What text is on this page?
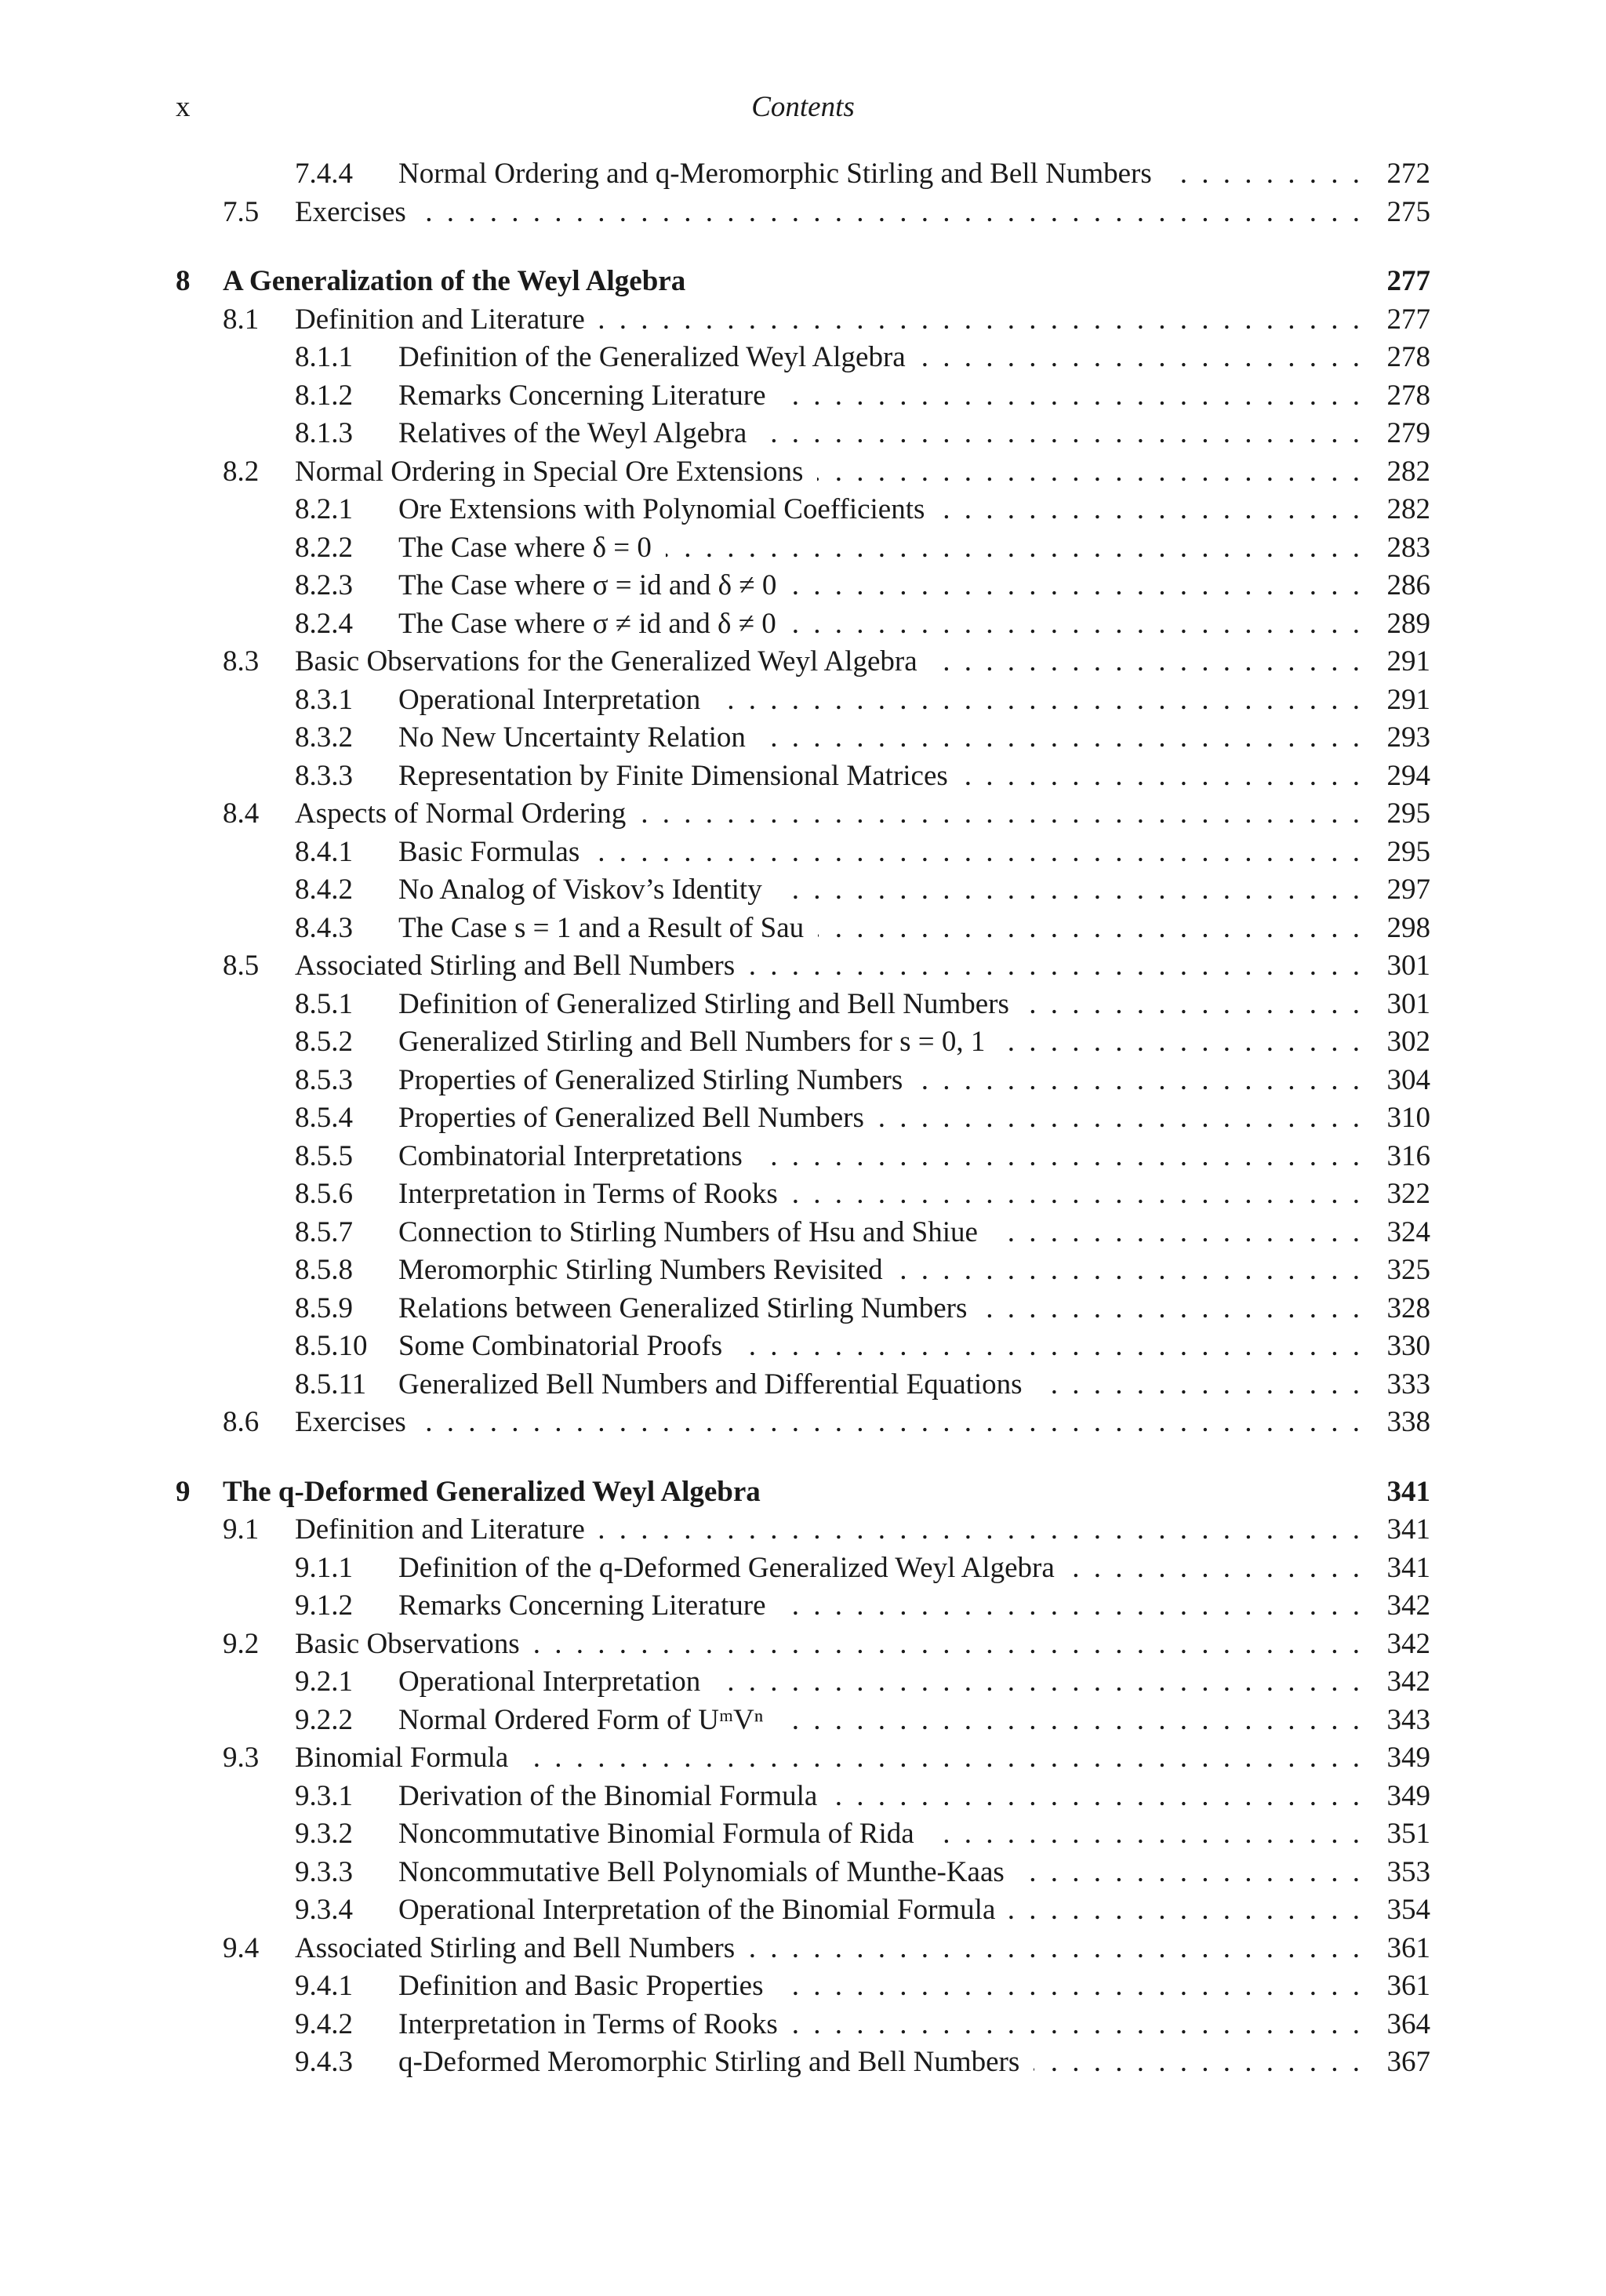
x	Contents
7.4.4 Normal Ordering and q-Meromorphic Stirling and Bell Numbers	272
. . .
7.5 Exercises	275
. . .
8 A Generalization of the Weyl Algebra	277
8.1 Definition and Literature	277
. . .
8.1.1 Definition of the Generalized Weyl Algebra	278
. . .
8.1.2 Remarks Concerning Literature	278
. . .
8.1.3 Relatives of the Weyl Algebra	279
. . .
8.2 Normal Ordering in Special Ore Extensions	282
. . .
8.2.1 Ore Extensions with Polynomial Coefficients	282
. . .
8.2.2 The Case where δ = 0	283
. . .
8.2.3 The Case where σ = id and δ ≠ 0	286
. . .
8.2.4 The Case where σ ≠ id and δ ≠ 0	289
. . .
8.3 Basic Observations for the Generalized Weyl Algebra	291
. . .
8.3.1 Operational Interpretation	291
. . .
8.3.2 No New Uncertainty Relation	293
. . .
8.3.3 Representation by Finite Dimensional Matrices	294
. . .
8.4 Aspects of Normal Ordering	295
. . .
8.4.1 Basic Formulas	295
. . .
8.4.2 No Analog of Viskov’s Identity	297
. . .
8.4.3 The Case s = 1 and a Result of Sau	298
. . .
8.5 Associated Stirling and Bell Numbers	301
. . .
8.5.1 Definition of Generalized Stirling and Bell Numbers	301
. . .
8.5.2 Generalized Stirling and Bell Numbers for s = 0, 1	302
. . .
8.5.3 Properties of Generalized Stirling Numbers	304
. . .
8.5.4 Properties of Generalized Bell Numbers	310
. . .
8.5.5 Combinatorial Interpretations	316
. . .
8.5.6 Interpretation in Terms of Rooks	322
. . .
8.5.7 Connection to Stirling Numbers of Hsu and Shiue	324
. . .
8.5.8 Meromorphic Stirling Numbers Revisited	325
. . .
8.5.9 Relations between Generalized Stirling Numbers	328
. . .
8.5.10 Some Combinatorial Proofs	330
. . .
8.5.11 Generalized Bell Numbers and Differential Equations	333
. . .
8.6 Exercises	338
. . .
9 The q-Deformed Generalized Weyl Algebra	341
9.1 Definition and Literature	341
. . .
9.1.1 Definition of the q-Deformed Generalized Weyl Algebra	341
. . .
9.1.2 Remarks Concerning Literature	342
. . .
9.2 Basic Observations	342
. . .
9.2.1 Operational Interpretation	342
. . .
9.2.2 Normal Ordered Form of UᵐVⁿ	343
. . .
9.3 Binomial Formula	349
. . .
9.3.1 Derivation of the Binomial Formula	349
. . .
9.3.2 Noncommutative Binomial Formula of Rida	351
. . .
9.3.3 Noncommutative Bell Polynomials of Munthe-Kaas	353
. . .
9.3.4 Operational Interpretation of the Binomial Formula	354
. . .
9.4 Associated Stirling and Bell Numbers	361
. . .
9.4.1 Definition and Basic Properties	361
. . .
9.4.2 Interpretation in Terms of Rooks	364
. . .
9.4.3 q-Deformed Meromorphic Stirling and Bell Numbers	367
. . .
